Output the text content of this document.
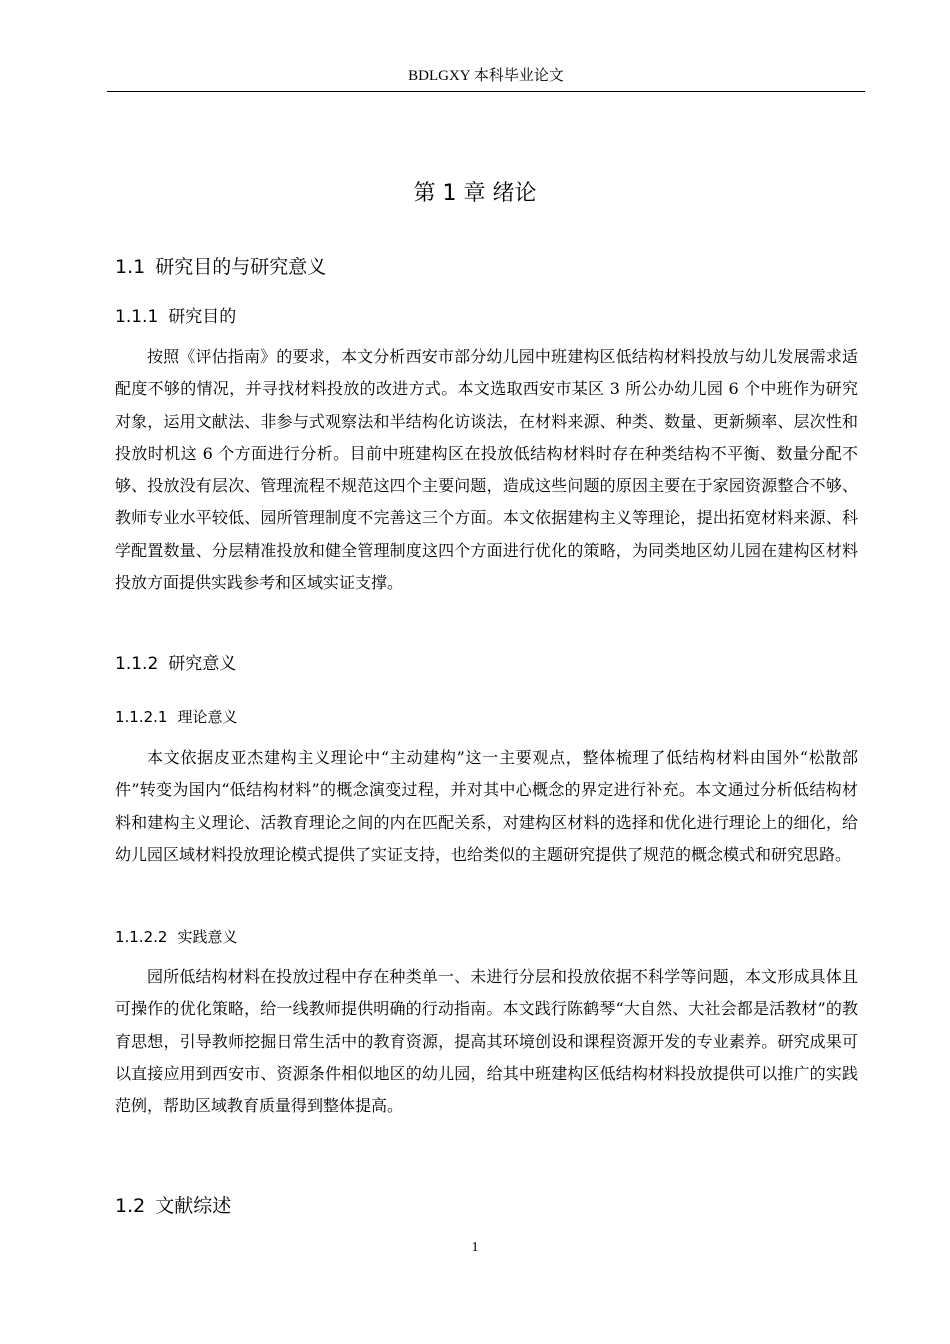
BDLGXY 本科毕业论文
第 1 章 绪论
1.1 研究目的与研究意义
1.1.1 研究目的

按照《评估指南》的要求，本文分析西安市部分幼儿园中班建构区低结构材料投放与幼儿发展需求适配度不够的情况，并寻找材料投放的改进方式。本文选取西安市某区 3 所公办幼儿园 6 个中班作为研究对象，运用文献法、非参与式观察法和半结构化访谈法，在材料来源、种类、数量、更新频率、层次性和投放时机这 6 个方面进行分析。目前中班建构区在投放低结构材料时存在种类结构不平衡、数量分配不够、投放没有层次、管理流程不规范这四个主要问题，造成这些问题的原因主要在于家园资源整合不够、教师专业水平较低、园所管理制度不完善这三个方面。本文依据建构主义等理论，提出拓宽材料来源、科学配置数量、分层精准投放和健全管理制度这四个方面进行优化的策略，为同类地区幼儿园在建构区材料投放方面提供实践参考和区域实证支撑。

1.1.2 研究意义
1.1.2.1 理论意义

本文依据皮亚杰建构主义理论中“主动建构”这一主要观点，整体梳理了低结构材料由国外“松散部件”转变为国内“低结构材料”的概念演变过程，并对其中心概念的界定进行补充。本文通过分析低结构材料和建构主义理论、活教育理论之间的内在匹配关系，对建构区材料的选择和优化进行理论上的细化，给幼儿园区域材料投放理论模式提供了实证支持，也给类似的主题研究提供了规范的概念模式和研究思路。

1.1.2.2 实践意义

园所低结构材料在投放过程中存在种类单一、未进行分层和投放依据不科学等问题，本文形成具体且可操作的优化策略，给一线教师提供明确的行动指南。本文践行陈鹤琴“大自然、大社会都是活教材”的教育思想，引导教师挖掘日常生活中的教育资源，提高其环境创设和课程资源开发的专业素养。研究成果可以直接应用到西安市、资源条件相似地区的幼儿园，给其中班建构区低结构材料投放提供可以推广的实践范例，帮助区域教育质量得到整体提高。

1.2 文献综述
1
